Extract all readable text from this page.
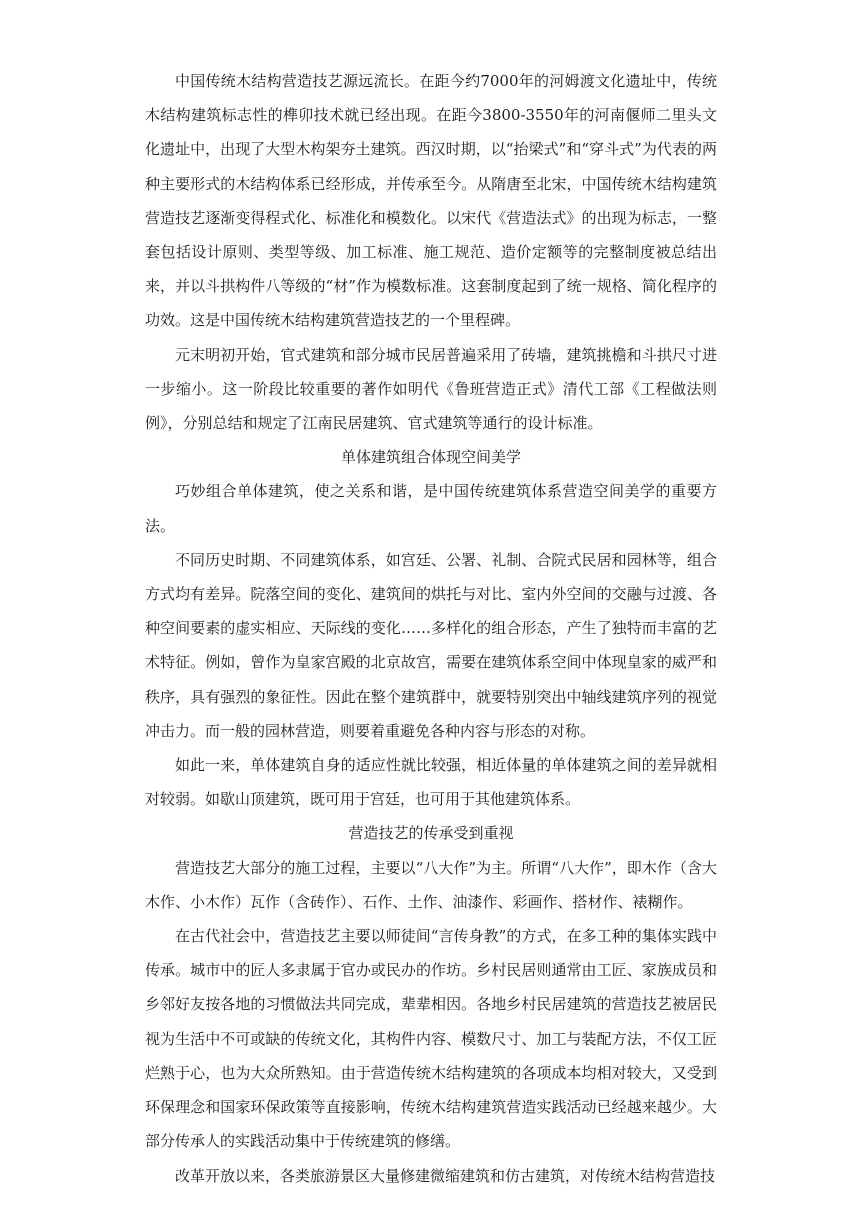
中国传统木结构营造技艺源远流长。在距今约7000年的河姆渡文化遗址中，传统木结构建筑标志性的榫卯技术就已经出现。在距今3800-3550年的河南偃师二里头文化遗址中，出现了大型木构架夯土建筑。西汉时期，以“抬梁式”和“穿斗式”为代表的两种主要形式的木结构体系已经形成，并传承至今。从隋唐至北宋，中国传统木结构建筑营造技艺逐渐变得程式化、标准化和模数化。以宋代《营造法式》的出现为标志，一整套包括设计原则、类型等级、加工标准、施工规范、造价定额等的完整制度被总结出来，并以斗拱构件八等级的“材”作为模数标准。这套制度起到了统一规格、简化程序的功效。这是中国传统木结构建筑营造技艺的一个里程碑。

元末明初开始，官式建筑和部分城市民居普遍采用了砖墙，建筑挑檐和斗拱尺寸进一步缩小。这一阶段比较重要的著作如明代《鲁班营造正式》清代工部《工程做法则例》，分别总结和规定了江南民居建筑、官式建筑等通行的设计标准。

单体建筑组合体现空间美学

巧妙组合单体建筑，使之关系和谐，是中国传统建筑体系营造空间美学的重要方法。

不同历史时期、不同建筑体系，如宫廷、公署、礼制、合院式民居和园林等，组合方式均有差异。院落空间的变化、建筑间的烘托与对比、室内外空间的交融与过渡、各种空间要素的虚实相应、天际线的变化……多样化的组合形态，产生了独特而丰富的艺术特征。例如，曾作为皇家宫殿的北京故宫，需要在建筑体系空间中体现皇家的威严和秩序，具有强烈的象征性。因此在整个建筑群中，就要特别突出中轴线建筑序列的视觉冲击力。而一般的园林营造，则要着重避免各种内容与形态的对称。

如此一来，单体建筑自身的适应性就比较强，相近体量的单体建筑之间的差异就相对较弱。如歇山顶建筑，既可用于宫廷，也可用于其他建筑体系。

营造技艺的传承受到重视

营造技艺大部分的施工过程，主要以“八大作”为主。所谓“八大作”，即木作（含大木作、小木作）瓦作（含砖作）、石作、土作、油漆作、彩画作、搭材作、裱糊作。

在古代社会中，营造技艺主要以师徒间“言传身教”的方式，在多工种的集体实践中传承。城市中的匠人多隶属于官办或民办的作坊。乡村民居则通常由工匠、家族成员和乡邻好友按各地的习惯做法共同完成，辈辈相因。各地乡村民居建筑的营造技艺被居民视为生活中不可或缺的传统文化，其构件内容、模数尺寸、加工与装配方法，不仅工匠烂熟于心，也为大众所熟知。由于营造传统木结构建筑的各项成本均相对较大，又受到环保理念和国家环保政策等直接影响，传统木结构建筑营造实践活动已经越来越少。大部分传承人的实践活动集中于传统建筑的修缮。

改革开放以来，各类旅游景区大量修建微缩建筑和仿古建筑，对传统木结构营造技
